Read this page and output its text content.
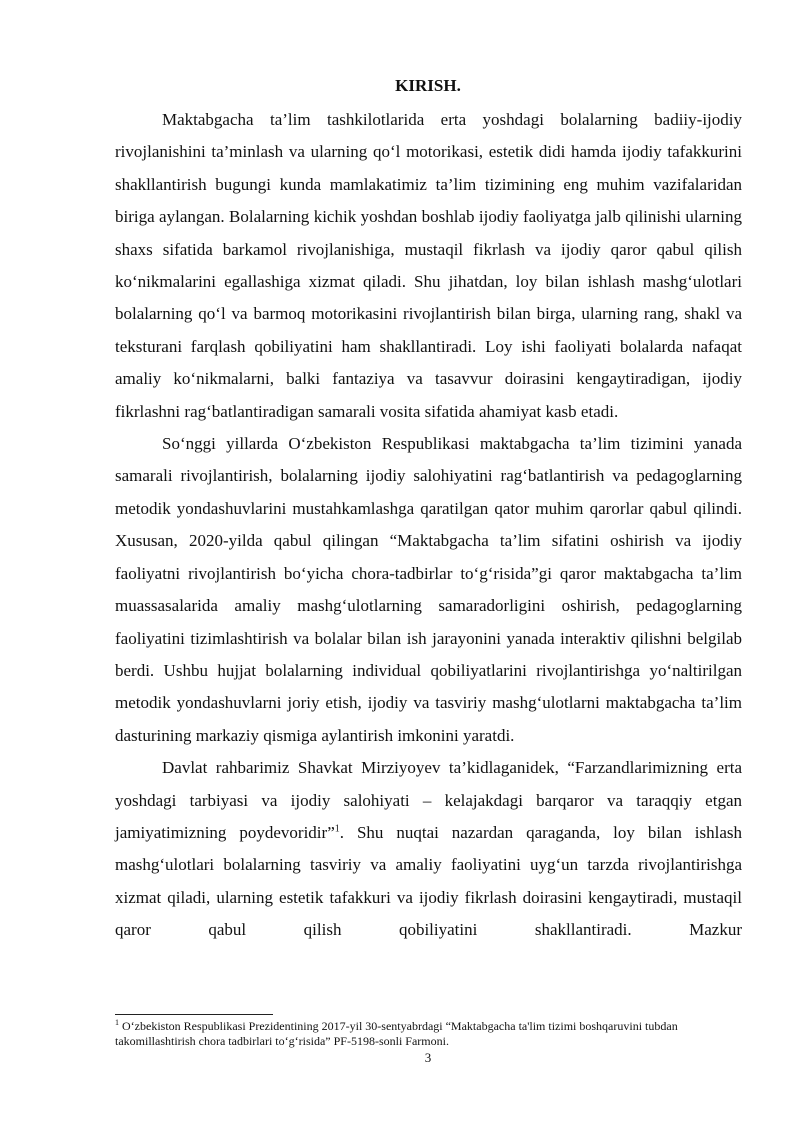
KIRISH.

Maktabgacha ta’lim tashkilotlarida erta yoshdagi bolalarning badiiy-ijodiy rivojlanishini ta’minlash va ularning qo‘l motorikasi, estetik didi hamda ijodiy tafakkurini shakllantirish bugungi kunda mamlakatimiz ta’lim tizimining eng muhim vazifalaridan biriga aylangan. Bolalarning kichik yoshdan boshlab ijodiy faoliyatga jalb qilinishi ularning shaxs sifatida barkamol rivojlanishiga, mustaqil fikrlash va ijodiy qaror qabul qilish ko‘nikmalarini egallashiga xizmat qiladi. Shu jihatdan, loy bilan ishlash mashg‘ulotlari bolalarning qo‘l va barmoq motorikasini rivojlantirish bilan birga, ularning rang, shakl va teksturani farqlash qobiliyatini ham shakllantiradi. Loy ishi faoliyati bolalarda nafaqat amaliy ko‘nikmalarni, balki fantaziya va tasavvur doirasini kengaytiradigan, ijodiy fikrlashni rag‘batlantiradigan samarali vosita sifatida ahamiyat kasb etadi.

So‘nggi yillarda O‘zbekiston Respublikasi maktabgacha ta’lim tizimini yanada samarali rivojlantirish, bolalarning ijodiy salohiyatini rag‘batlantirish va pedagoglarning metodik yondashuvlarini mustahkamlashga qaratilgan qator muhim qarorlar qabul qilindi. Xususan, 2020-yilda qabul qilingan “Maktabgacha ta’lim sifatini oshirish va ijodiy faoliyatni rivojlantirish bo‘yicha chora-tadbirlar to‘g‘risida”gi qaror maktabgacha ta’lim muassasalarida amaliy mashg‘ulotlarning samaradorligini oshirish, pedagoglarning faoliyatini tizimlashtirish va bolalar bilan ish jarayonini yanada interaktiv qilishni belgilab berdi. Ushbu hujjat bolalarning individual qobiliyatlarini rivojlantirishga yo‘naltirilgan metodik yondashuvlarni joriy etish, ijodiy va tasviriy mashg‘ulotlarni maktabgacha ta’lim dasturining markaziy qismiga aylantirish imkonini yaratdi.

Davlat rahbarimiz Shavkat Mirziyoyev ta’kidlaganidek, “Farzandlarimizning erta yoshdagi tarbiyasi va ijodiy salohiyati – kelajakdagi barqaror va taraqqiy etgan jamiyatimizning poydevoridir”$^1$. Shu nuqtai nazardan qaraganda, loy bilan ishlash mashg‘ulotlari bolalarning tasviriy va amaliy faoliyatini uyg‘un tarzda rivojlantirishga xizmat qiladi, ularning estetik tafakkuri va ijodiy fikrlash doirasini kengaytiradi, mustaqil qaror qabul qilish qobiliyatini shakllantiradi. Mazkur

$^1$ O‘zbekiston Respublikasi Prezidentining 2017-yil 30-sentyabrdagi “Maktabgacha ta'lim tizimi boshqaruvini tubdan takomillashtirish chora tadbirlari to‘g‘risida” PF-5198-sonli Farmoni.
3
